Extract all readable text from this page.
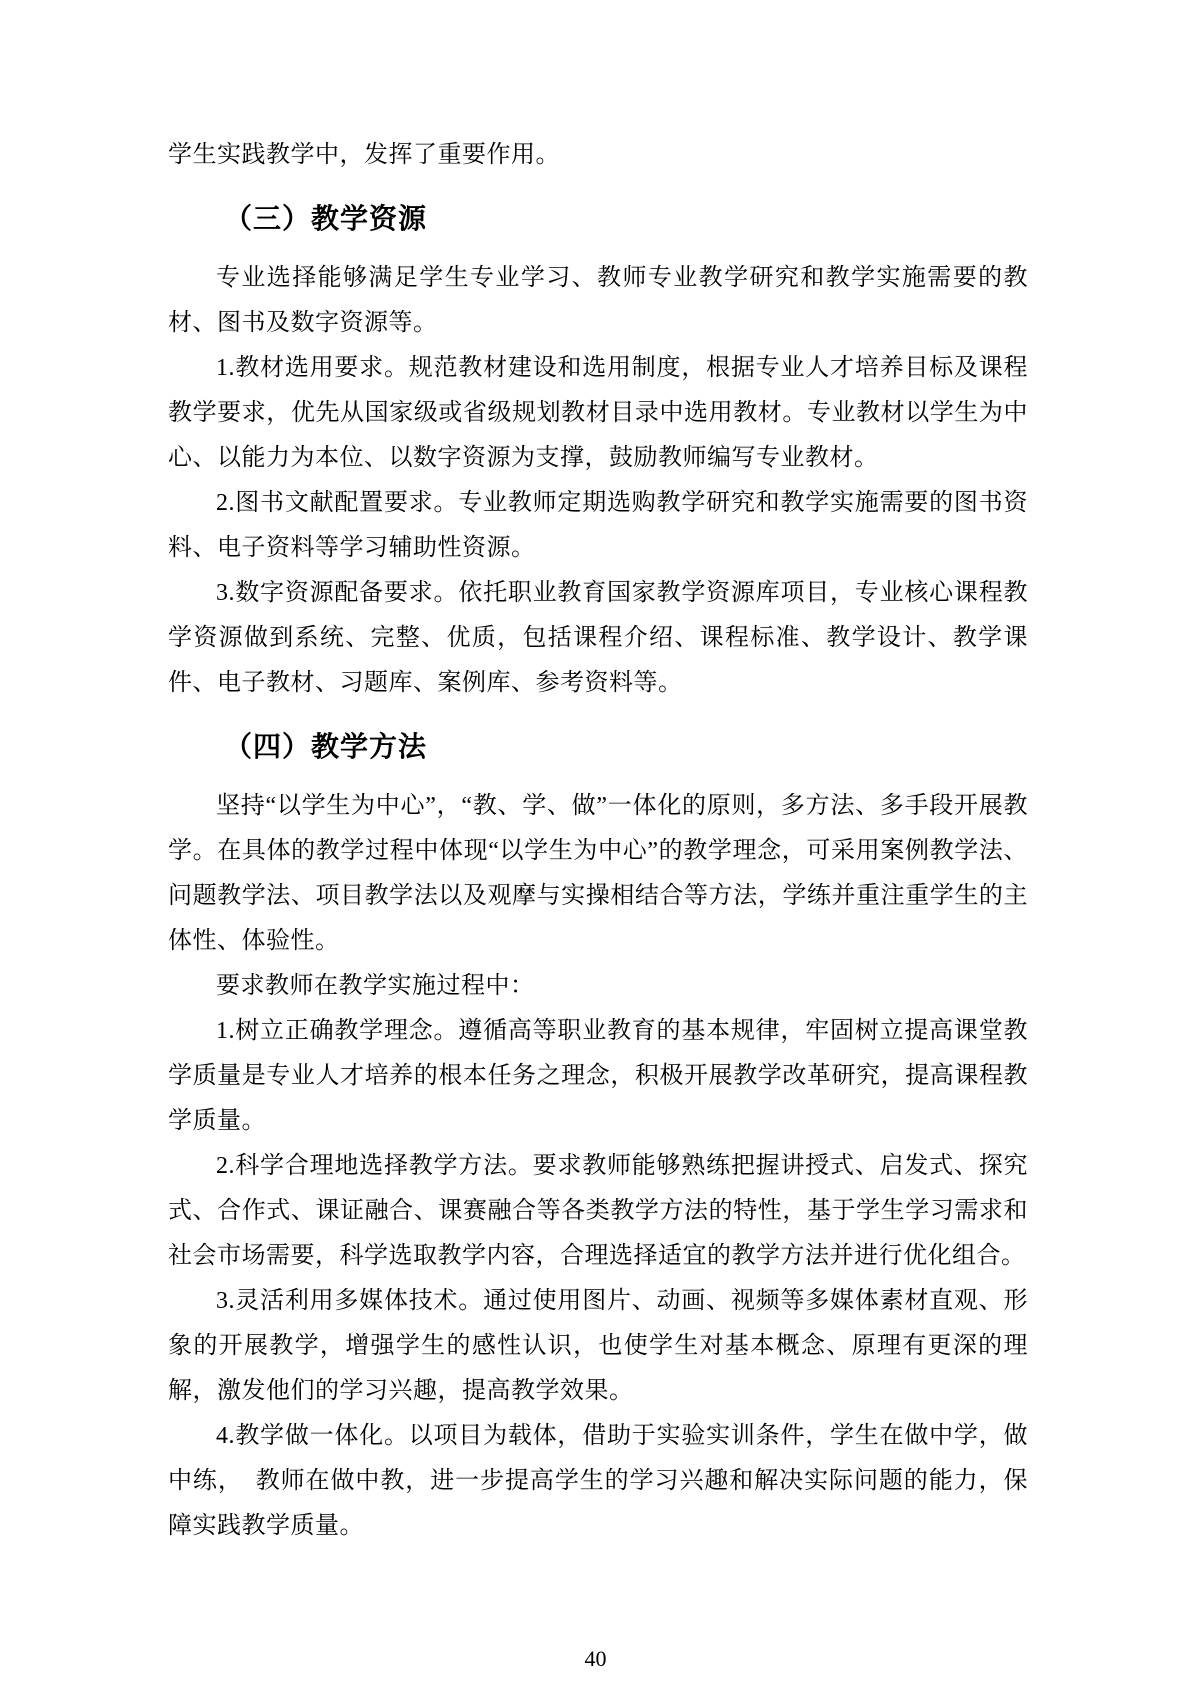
学生实践教学中，发挥了重要作用。

（三）教学资源

专业选择能够满足学生专业学习、教师专业教学研究和教学实施需要的教材、图书及数字资源等。

1.教材选用要求。规范教材建设和选用制度，根据专业人才培养目标及课程教学要求，优先从国家级或省级规划教材目录中选用教材。专业教材以学生为中心、以能力为本位、以数字资源为支撑，鼓励教师编写专业教材。

2.图书文献配置要求。专业教师定期选购教学研究和教学实施需要的图书资料、电子资料等学习辅助性资源。

3.数字资源配备要求。依托职业教育国家教学资源库项目，专业核心课程教学资源做到系统、完整、优质，包括课程介绍、课程标准、教学设计、教学课件、电子教材、习题库、案例库、参考资料等。

（四）教学方法

坚持“以学生为中心”，“教、学、做”一体化的原则，多方法、多手段开展教学。在具体的教学过程中体现“以学生为中心”的教学理念，可采用案例教学法、问题教学法、项目教学法以及观摩与实操相结合等方法，学练并重注重学生的主体性、体验性。

要求教师在教学实施过程中：

1.树立正确教学理念。遵循高等职业教育的基本规律，牢固树立提高课堂教学质量是专业人才培养的根本任务之理念，积极开展教学改革研究，提高课程教学质量。

2.科学合理地选择教学方法。要求教师能够熟练把握讲授式、启发式、探究式、合作式、课证融合、课赛融合等各类教学方法的特性，基于学生学习需求和社会市场需要，科学选取教学内容，合理选择适宜的教学方法并进行优化组合。

3.灵活利用多媒体技术。通过使用图片、动画、视频等多媒体素材直观、形象的开展教学，增强学生的感性认识，也使学生对基本概念、原理有更深的理解，激发他们的学习兴趣，提高教学效果。

4.教学做一体化。以项目为载体，借助于实验实训条件，学生在做中学，做中练，　教师在做中教，进一步提高学生的学习兴趣和解决实际问题的能力，保障实践教学质量。

40
